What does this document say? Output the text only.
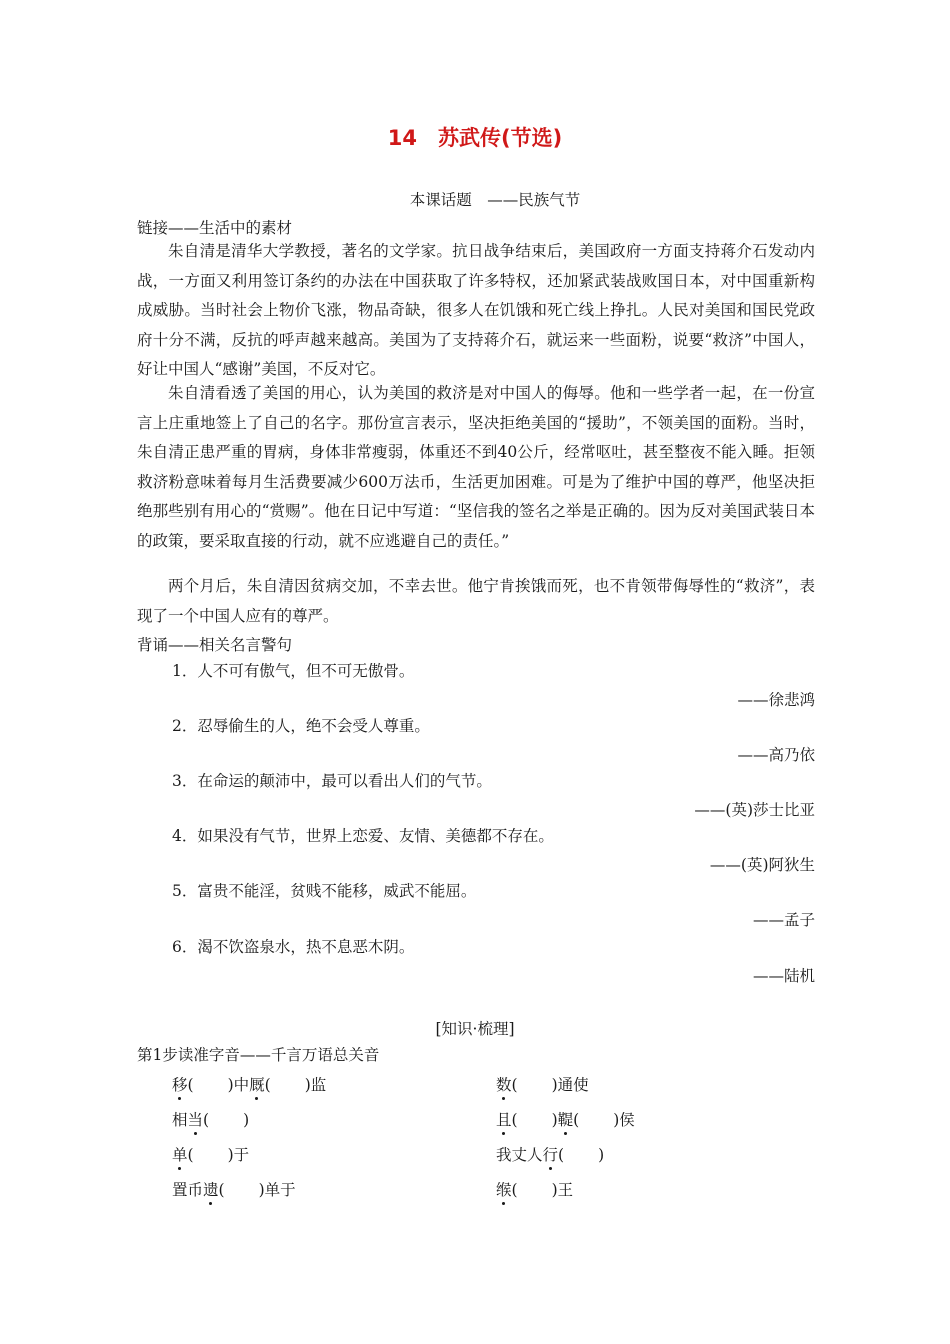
14　苏武传(节选)
本课话题　——民族气节
链接——生活中的素材
朱自清是清华大学教授，著名的文学家。抗日战争结束后，美国政府一方面支持蒋介石发动内战，一方面又利用签订条约的办法在中国获取了许多特权，还加紧武装战败国日本，对中国重新构成威胁。当时社会上物价飞涨，物品奇缺，很多人在饥饿和死亡线上挣扎。人民对美国和国民党政府十分不满，反抗的呼声越来越高。美国为了支持蒋介石，就运来一些面粉，说要“救济”中国人，好让中国人“感谢”美国，不反对它。
朱自清看透了美国的用心，认为美国的救济是对中国人的侮辱。他和一些学者一起，在一份宣言上庄重地签上了自己的名字。那份宣言表示，坚决拒绝美国的“援助”，不领美国的面粉。当时，朱自清正患严重的胃病，身体非常瘦弱，体重还不到40公斤，经常呕吐，甚至整夜不能入睡。拒领救济粉意味着每月生活费要减少600万法币，生活更加困难。可是为了维护中国的尊严，他坚决拒绝那些别有用心的“赏赐”。他在日记中写道：“坚信我的签名之举是正确的。因为反对美国武装日本的政策，要采取直接的行动，就不应逃避自己的责任。”
两个月后，朱自清因贫病交加，不幸去世。他宁肯挨饿而死，也不肯领带侮辱性的“救济”，表现了一个中国人应有的尊严。
背诵——相关名言警句
1．人不可有傲气，但不可无傲骨。
——徐悲鸿
2．忍辱偷生的人，绝不会受人尊重。
——高乃依
3．在命运的颠沛中，最可以看出人们的气节。
——(英)莎士比亚
4．如果没有气节，世界上恋爱、友情、美德都不存在。
——(英)阿狄生
5．富贵不能淫，贫贱不能移，威武不能屈。
——孟子
6．渴不饮盗泉水，热不息恶木阴。
——陆机
[知识·梳理]
第1步读准字音——千言万语总关音
移( )中厩( )监	数( )通使
相当( )	且( )鞮( )侯
单( )于	我丈人行( )
置币遗( )单于	缑( )王
